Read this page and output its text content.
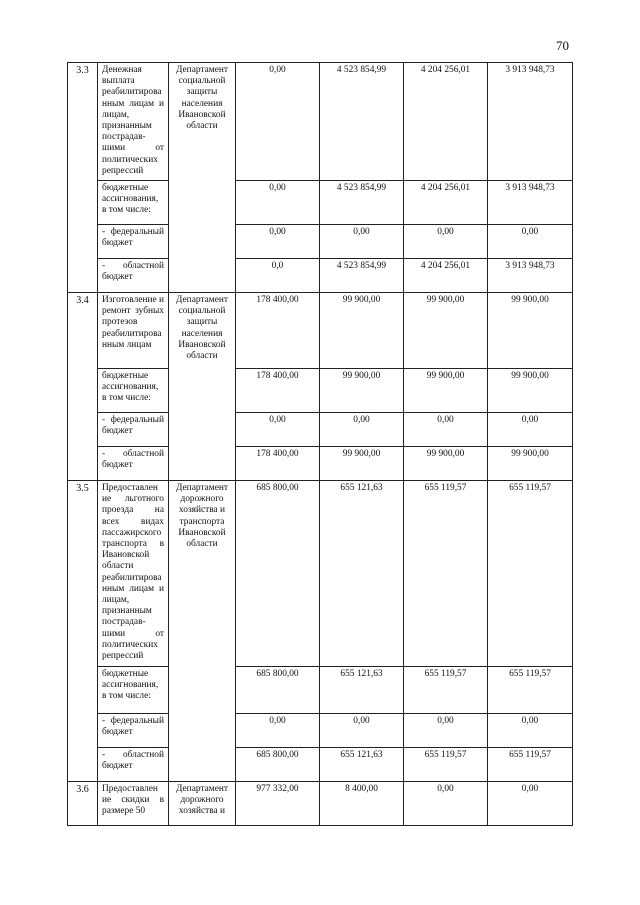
70
3.3	Денежная выплата реабилитирова нным лицам и лицам, признанным пострадав-шими от политических репрессий	Департамент социальной защиты населения Ивановской области	0,00	4 523 854,99	4 204 256,01	3 913 948,73
	бюджетные ассигнования, в том числе:		0,00	4 523 854,99	4 204 256,01	3 913 948,73
	- федеральный бюджет		0,00	0,00	0,00	0,00
	- областной бюджет		0,0	4 523 854,99	4 204 256,01	3 913 948,73
3.4	Изготовление и ремонт зубных протезов реабилитирова нным лицам	Департамент социальной защиты населения Ивановской области	178 400,00	99 900,00	99 900,00	99 900,00
	бюджетные ассигнования, в том числе:		178 400,00	99 900,00	99 900,00	99 900,00
	- федеральный бюджет		0,00	0,00	0,00	0,00
	- областной бюджет		178 400,00	99 900,00	99 900,00	99 900,00
3.5	Предоставлен ие льготного проезда на всех видах пассажирского транспорта в Ивановской области реабилитирова нным лицам и лицам, признанным пострадав-шими от политических репрессий	Департамент дорожного хозяйства и транспорта Ивановской области	685 800,00	655 121,63	655 119,57	655 119,57
	бюджетные ассигнования, в том числе:		685 800,00	655 121,63	655 119,57	655 119,57
	- федеральный бюджет		0,00	0,00	0,00	0,00
	- областной бюджет		685 800,00	655 121,63	655 119,57	655 119,57
3.6	Предоставлен ие скидки в размере 50	Департамент дорожного хозяйства и	977 332,00	8 400,00	0,00	0,00
